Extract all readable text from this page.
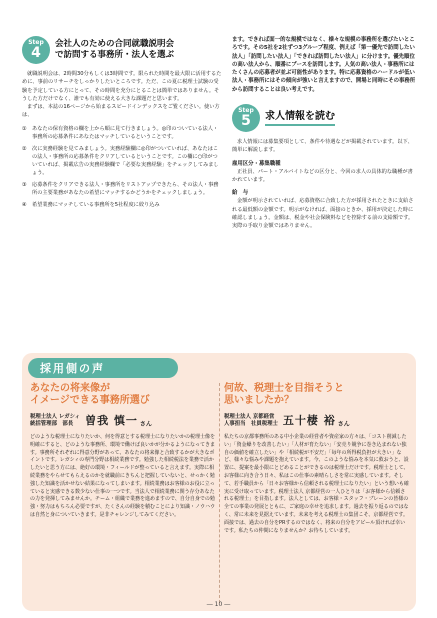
Step
4
会社人のための合同就職説明会
で訪問する事務所・法人を選ぶ

就職説明会は、2時間30分もしくは3時間です。限られた時間を最大限に活用するために、事前のリサーチをしっかりしたいところです。ただ、この夏に税理士試験の受験を予定している方にとって、その時間を充分にとることは簡単ではありません。そうした方だけでなく、誰でも有効に使える大きな課題だと思います。

まずは、本誌の16ページから始まるスピードインデックスをご覧ください。使い方は、

①	あなたの保有資格の欄を上から順に見て行きましょう。◎印のついている法人・事務所の応募条件にあなたはマッチしているということです。
②	次に実務経験を見てみましょう。実務経験欄に◎印がついていれば、あなたはこの法人・事務所の応募条件をクリアしているということです。この欄に○印がついていれば、掲載広告の実務経験欄で「必要な実務経験」をチェックしてみましょう。
③	応募条件をクリアできる法人・事務所をリストアップできたら、その法人・事務所の主要業務があなたの希望にマッチするかどうかをチェックしましょう。
④	希望業務にマッチしている事務所を5社程度に絞り込み

ます。できれば面一的な規模ではなく、様々な規模の事務所を選びたいところです。その5社を2社ずつ3グループ程度、例えば「第一優先で訪問したい法人」「訪問したい法人」「できれば訪問したい法人」に分けます。優先順位の高い法人から、順番にブースを訪問します。人気の高い法人・事務所にはたくさんの応募者が並ぶ可能性があります。特に応募資格のハードルが低い法人・事務所にはその傾向が強いと言えますので、開場と同時にその事務所から訪問することは良い考えです。

Step
5 求人情報を読む

求人情報には募集要項として、条件や待遇などが掲載されています。以下、簡単に解説します。

雇用区分・募集職種

正社員、パート・アルバイトなどの区分と、今回の求人の具体的な職種が書かれています。

給　与

金額が明示されていれば、応募資格に合致した方が採用されたときに支給される最低額の金額です。明示がなければ、面接のときか、採用が決定した時に確認しましょう。金額は、税金や社会保険料などを控除する前の支給額です。実際の手取り金額ではありません。

採用側の声
あなたの将来像が
イメージできる事務所選び
税理士法人 レガシィ
統括管理部　部長	曽我 慎一 さん

どのような税理士になりたいか、何を得意とする税理士になりたいかの税理士像を明確にすると、どのような事務所、環境で働けば良いかが分かるようになってきます。事務所それぞれに得意分野があって、あなたの将来像と合致するかが大きなポイントです。レガシィの専門分野は相続業務です。勉強した相続税法を業務で活かしたいと思う方には、絶好の環境・フィールドが整っていると言えます。実際に相続業務をやらせてもらえるのかを就職前にきちんと把握していないと、せっかく勉強した知識を活かせない結果になってしまいます。相続業務はお客様のお役に立っていると実感できる数少ない仕事の一つです。当法人で相続業務に関う存分あなたの力を発揮してみませんか。チーム・組織で業務を進めますので、自分自身での勉強・努力はもちろん必要ですが、たくさんの経験を積むことにより知識・ノウハウは自然と身についていきます。是非チャレンジしてみてください。

何故、税理士を目指そうと
思いましたか？
税理士法人 京都経営
人事担当　社員税理士 五十棲 裕 さん

私たちの京都事務所のある中小企業の経営者や資産家の方々は、「コスト削減したい」「資金繰りを改善したい」「人材が育たない」「安売り競争に巻き込まれない独自の価値を確立したい」や「相続税が不安だ」「毎年の所得税負担が大きい」など、様々な悩みや課題を抱えています。今、このような悩みを本気に救おうと、設置に、提案を最小限にとどめることができるのは税理士だけです。税理士として、お客様に向き合う日々、私はこの仕事の素晴らしさを常に実感しています。そして、若手職員から「日々お客様から信頼される税理士になりたい」という想いも確実に受け取っています。税理士法人 京都経営の一人ひとりは「お客様から信頼される税理士」を目指します。法人としては、お客様・スタッフ・ブレーンの皆様の全ての事業の発展とともに、ご家庭の幸せを追求します。過去を振り返るのではなく、常に未来を見据えています。未来を考える税理士の集団こそ、京都経営です。面接では、過去の自分をPRするのではなく、将来の自分をアピール頂ければ幸いです。私たちの仲間になりませんか？お待ちしています。

― 10 ―
